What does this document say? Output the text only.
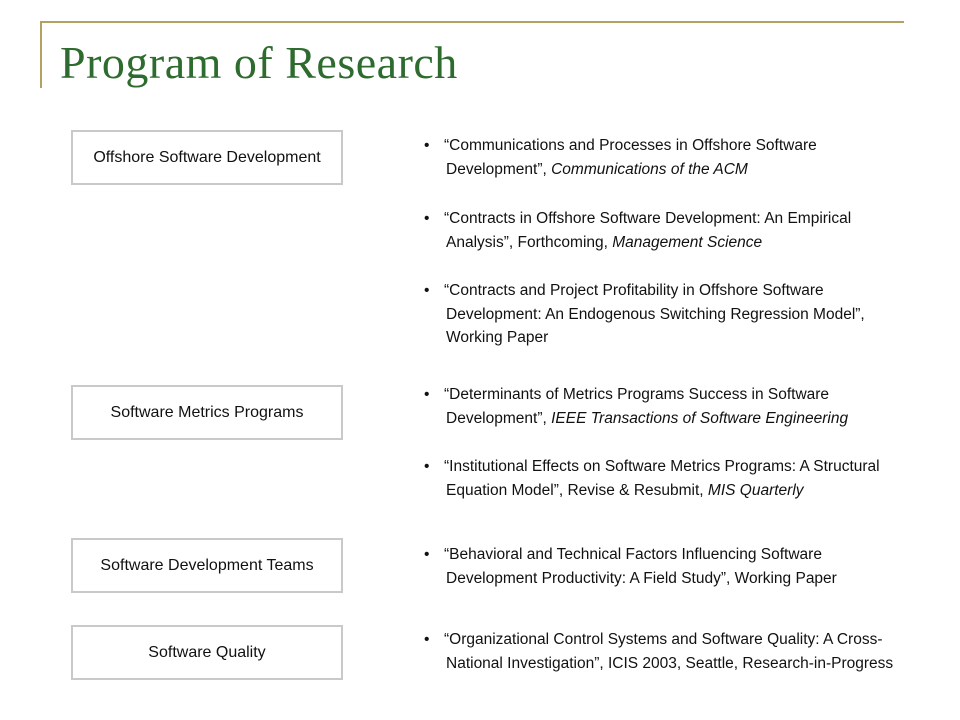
Program of Research
Offshore Software Development
Software Metrics Programs
Software Development Teams
Software Quality
• “Communications and Processes in Offshore Software
Development”, Communications of the ACM
• “Contracts in Offshore Software Development: An Empirical
Analysis”, Forthcoming, Management Science
• “Contracts and Project Profitability in Offshore Software
Development: An Endogenous Switching Regression Model”,
Working Paper
• “Determinants of Metrics Programs Success in Software
Development”, IEEE Transactions of Software Engineering
• “Institutional Effects on Software Metrics Programs: A Structural
Equation Model”, Revise & Resubmit, MIS Quarterly
• “Behavioral and Technical Factors Influencing Software
Development Productivity: A Field Study”, Working Paper
• “Organizational Control Systems and Software Quality: A Cross-
National Investigation”, ICIS 2003, Seattle, Research-in-Progress
